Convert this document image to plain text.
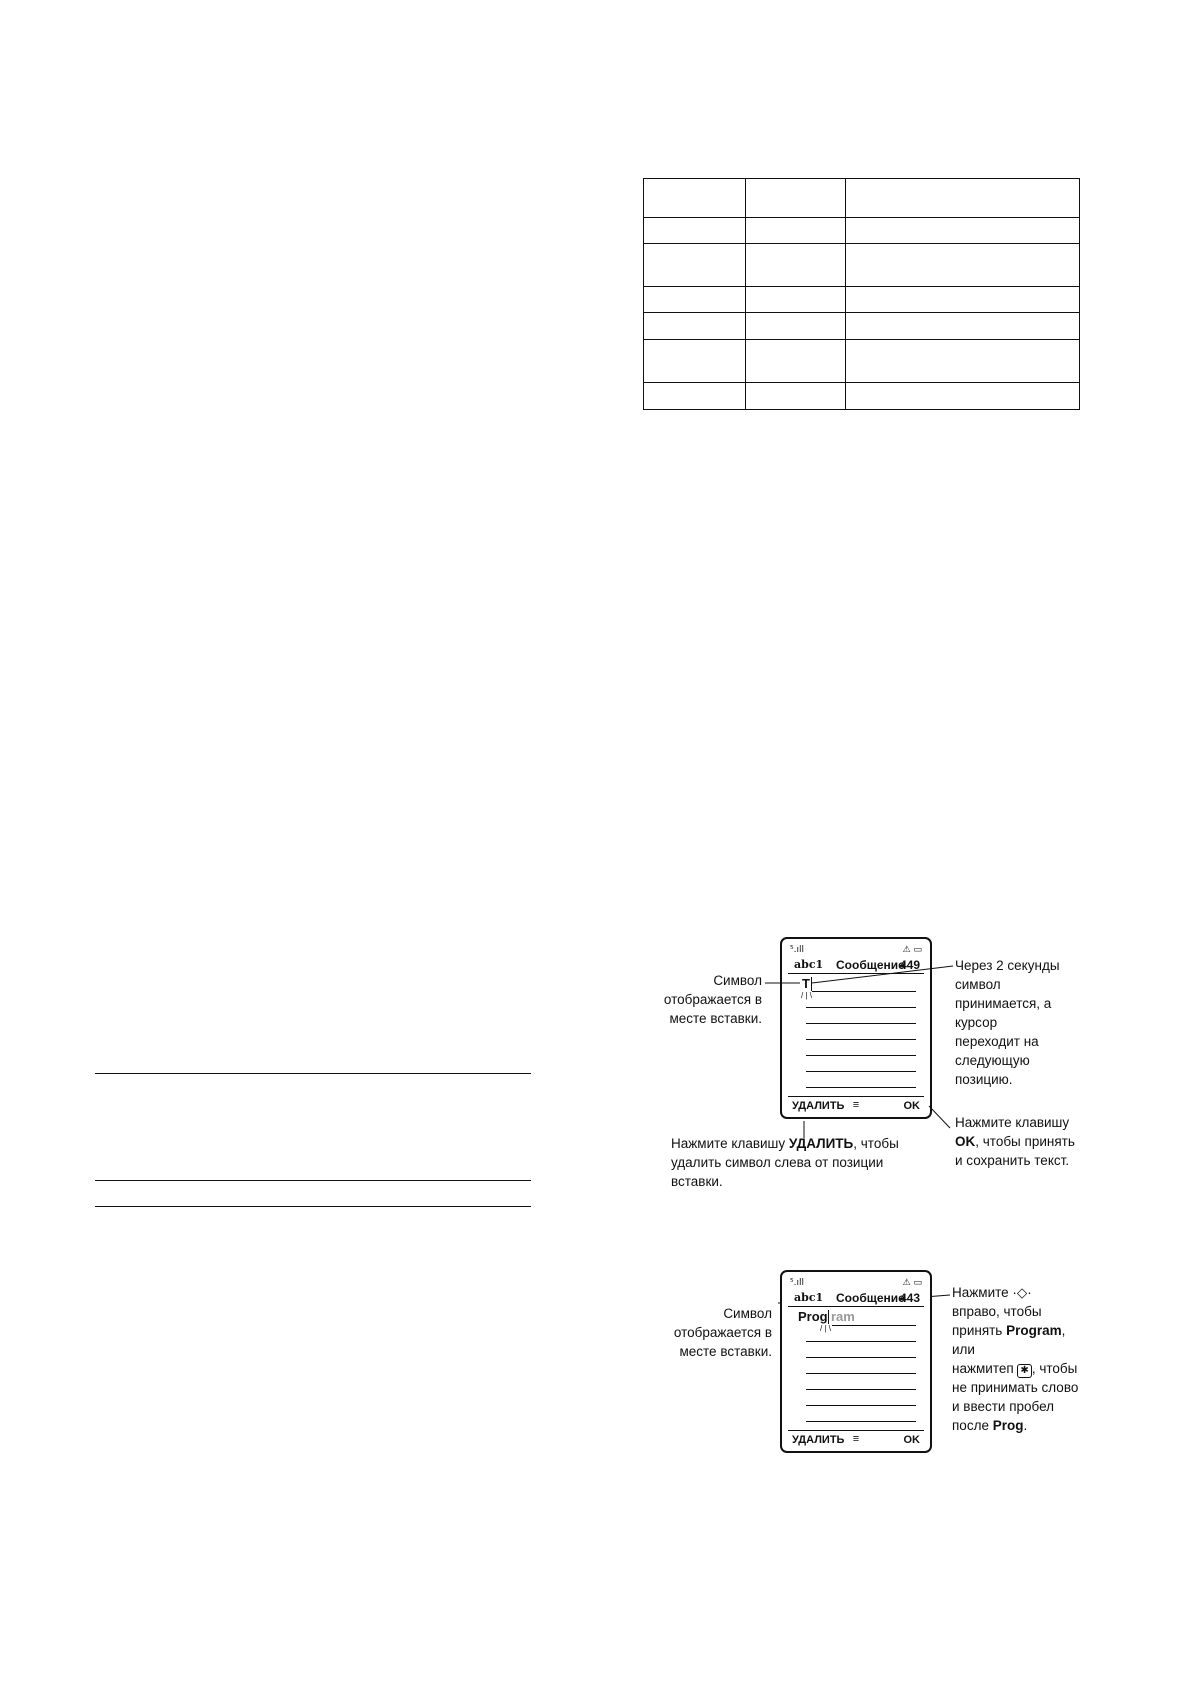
⁵.ıll	⚠ ▭
abc1 Сообщение
449
T
/ | \
УДАЛИТЬ ≡	OK
Символ отображается в месте вставки.
Через 2 секунды символ принимается, а курсор переходит на следующую позицию.
Нажмите клавишу УДАЛИТЬ, чтобы удалить символ слева от позиции вставки.
Нажмите клавишу OK, чтобы принять и сохранить текст.
⁵.ıll	⚠ ▭
abc1 Сообщение
443
Prog ram
/ | \
УДАЛИТЬ ≡	OK
Символ отображается в месте вставки.
Нажмите ·◇·
вправо, чтобы
принять Program, или
нажмитеп ✱ , чтобы
не принимать слово
и ввести пробел
после Prog.
